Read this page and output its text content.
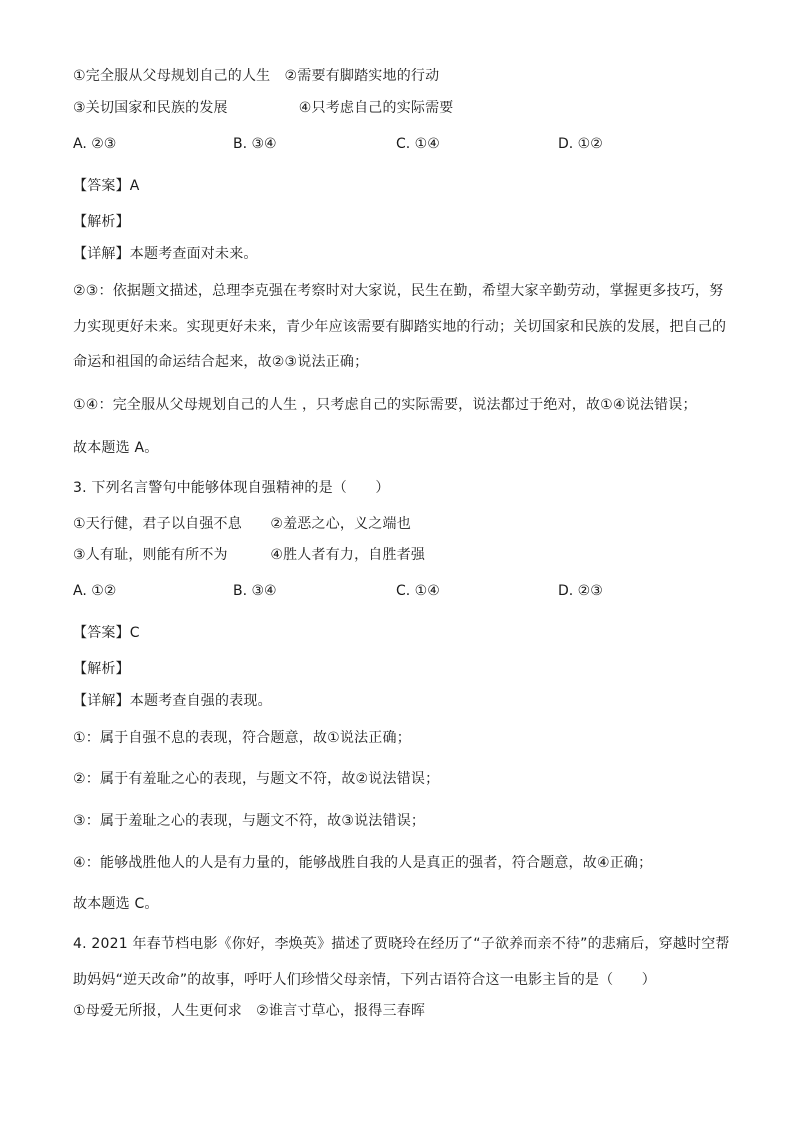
①完全服从父母规划自己的人生　②需要有脚踏实地的行动
③关切国家和民族的发展　　　　　④只考虑自己的实际需要
A. ②③	B. ③④	C. ①④	D. ①②
【答案】A
【解析】
【详解】本题考查面对未来。
②③：依据题文描述，总理李克强在考察时对大家说，民生在勤，希望大家辛勤劳动，掌握更多技巧，努
力实现更好未来。实现更好未来，青少年应该需要有脚踏实地的行动；关切国家和民族的发展，把自己的
命运和祖国的命运结合起来，故②③说法正确；
①④：完全服从父母规划自己的人生 ，只考虑自己的实际需要，说法都过于绝对，故①④说法错误；
故本题选 A。
3. 下列名言警句中能够体现自强精神的是（　　）
①天行健，君子以自强不息　　②羞恶之心，义之端也
③人有耻，则能有所不为　　　④胜人者有力，自胜者强
A. ①②	B. ③④	C. ①④	D. ②③
【答案】C
【解析】
【详解】本题考查自强的表现。
①：属于自强不息的表现，符合题意，故①说法正确；
②：属于有羞耻之心的表现，与题文不符，故②说法错误；
③：属于羞耻之心的表现，与题文不符，故③说法错误；
④：能够战胜他人的人是有力量的，能够战胜自我的人是真正的强者，符合题意，故④正确；
故本题选 C。
4. 2021 年春节档电影《你好，李焕英》描述了贾晓玲在经历了“子欲养而亲不待”的悲痛后，穿越时空帮
助妈妈“逆天改命”的故事，呼吁人们珍惜父母亲情，下列古语符合这一电影主旨的是（　　）
①母爱无所报，人生更何求　②谁言寸草心，报得三春晖
